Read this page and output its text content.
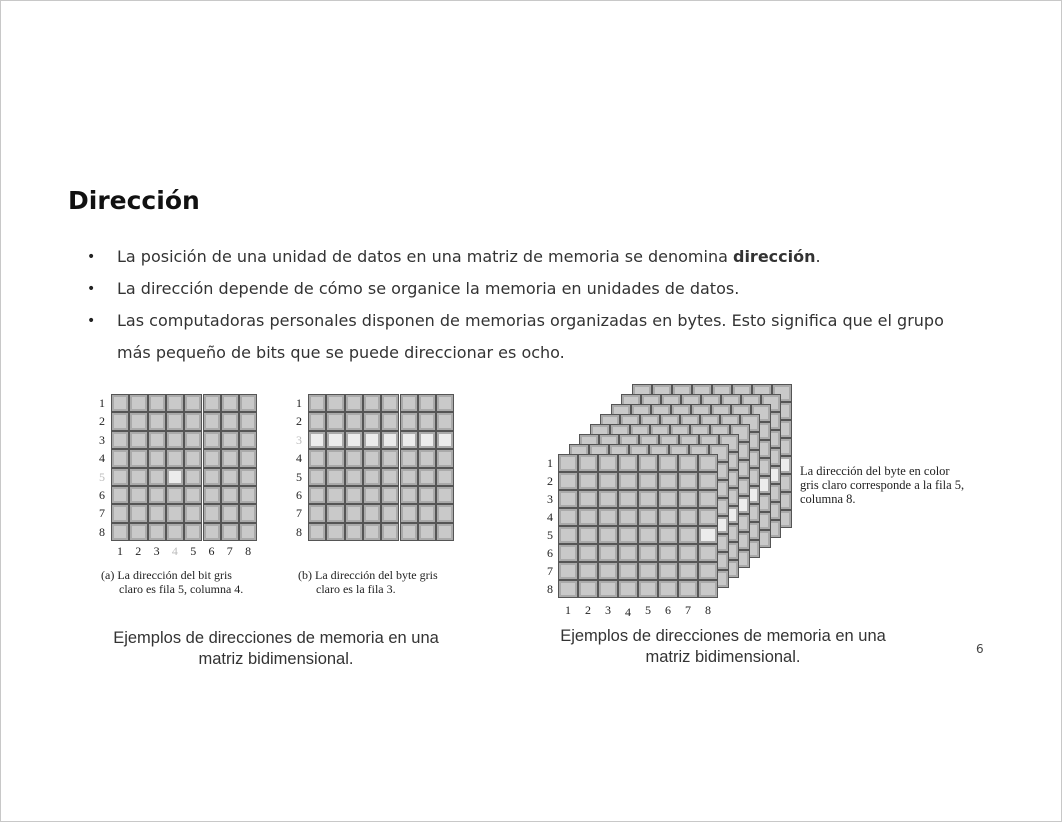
Dirección
• La posición de una unidad de datos en una matriz de memoria se denomina dirección.
• La dirección depende de cómo se organice la memoria en unidades de datos.
• Las computadoras personales disponen de memorias organizadas en bytes. Esto significa que el grupo más pequeño de bits que se puede direccionar es ocho.
(a) La dirección del bit gris
claro es fila 5, columna 4.
(b) La dirección del byte gris
claro es la fila 3.
La dirección del byte en color
gris claro corresponde a la fila 5,
columna 8.
Ejemplos de direcciones de memoria en una
matriz bidimensional.
Ejemplos de direcciones de memoria en una
matriz bidimensional.	6
1
2
3
4
5
6
7
8
1 2 3 4 5 6 7 8
1
2
3
4
5
6
7
8
1
2
3
4
5
6
7
8
1 2 3 4 5 6 7 8
